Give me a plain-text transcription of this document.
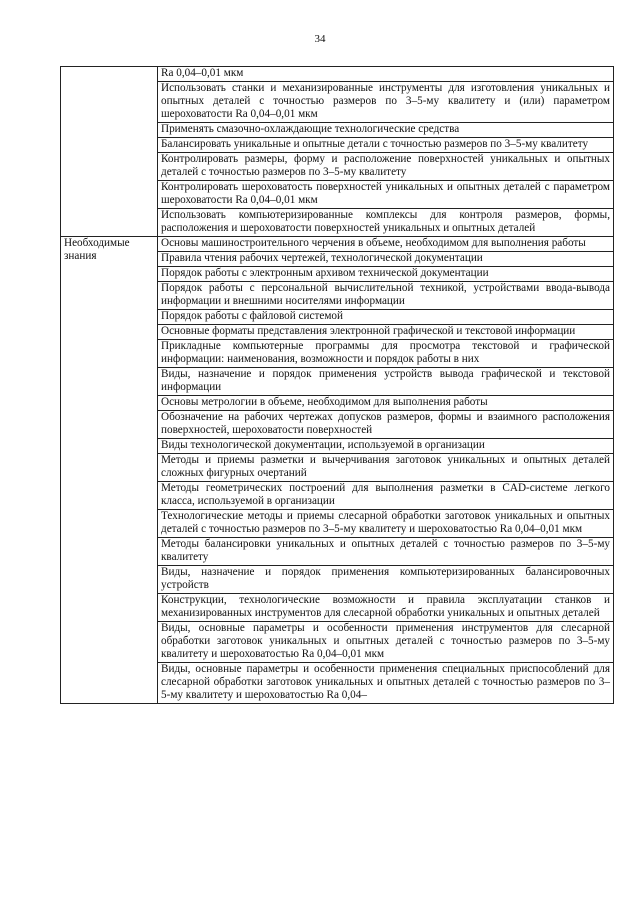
34
	Ra 0,04–0,01 мкм
	Использовать станки и механизированные инструменты для изготовления уникальных и опытных деталей с точностью размеров по 3–5-му квалитету и (или) параметром шероховатости Ra 0,04–0,01 мкм
	Применять смазочно-охлаждающие технологические средства
	Балансировать уникальные и опытные детали с точностью размеров по 3–5-му квалитету
	Контролировать размеры, форму и расположение поверхностей уникальных и опытных деталей с точностью размеров по 3–5-му квалитету
	Контролировать шероховатость поверхностей уникальных и опытных деталей с параметром шероховатости Ra 0,04–0,01 мкм
	Использовать компьютеризированные комплексы для контроля размеров, формы, расположения и шероховатости поверхностей уникальных и опытных деталей
Необходимые знания	Основы машиностроительного черчения в объеме, необходимом для выполнения работы
	Правила чтения рабочих чертежей, технологической документации
	Порядок работы с электронным архивом технической документации
	Порядок работы с персональной вычислительной техникой, устройствами ввода-вывода информации и внешними носителями информации
	Порядок работы с файловой системой
	Основные форматы представления электронной графической и текстовой информации
	Прикладные компьютерные программы для просмотра текстовой и графической информации: наименования, возможности и порядок работы в них
	Виды, назначение и порядок применения устройств вывода графической и текстовой информации
	Основы метрологии в объеме, необходимом для выполнения работы
	Обозначение на рабочих чертежах допусков размеров, формы и взаимного расположения поверхностей, шероховатости поверхностей
	Виды технологической документации, используемой в организации
	Методы и приемы разметки и вычерчивания заготовок уникальных и опытных деталей сложных фигурных очертаний
	Методы геометрических построений для выполнения разметки в CAD-системе легкого класса, используемой в организации
	Технологические методы и приемы слесарной обработки заготовок уникальных и опытных деталей с точностью размеров по 3–5-му квалитету и шероховатостью Ra 0,04–0,01 мкм
	Методы балансировки уникальных и опытных деталей с точностью размеров по 3–5-му квалитету
	Виды, назначение и порядок применения компьютеризированных балансировочных устройств
	Конструкции, технологические возможности и правила эксплуатации станков и механизированных инструментов для слесарной обработки уникальных и опытных деталей
	Виды, основные параметры и особенности применения инструментов для слесарной обработки заготовок уникальных и опытных деталей с точностью размеров по 3–5-му квалитету и шероховатостью Ra 0,04–0,01 мкм
	Виды, основные параметры и особенности применения специальных приспособлений для слесарной обработки заготовок уникальных и опытных деталей с точностью размеров по 3–5-му квалитету и шероховатостью Ra 0,04–
